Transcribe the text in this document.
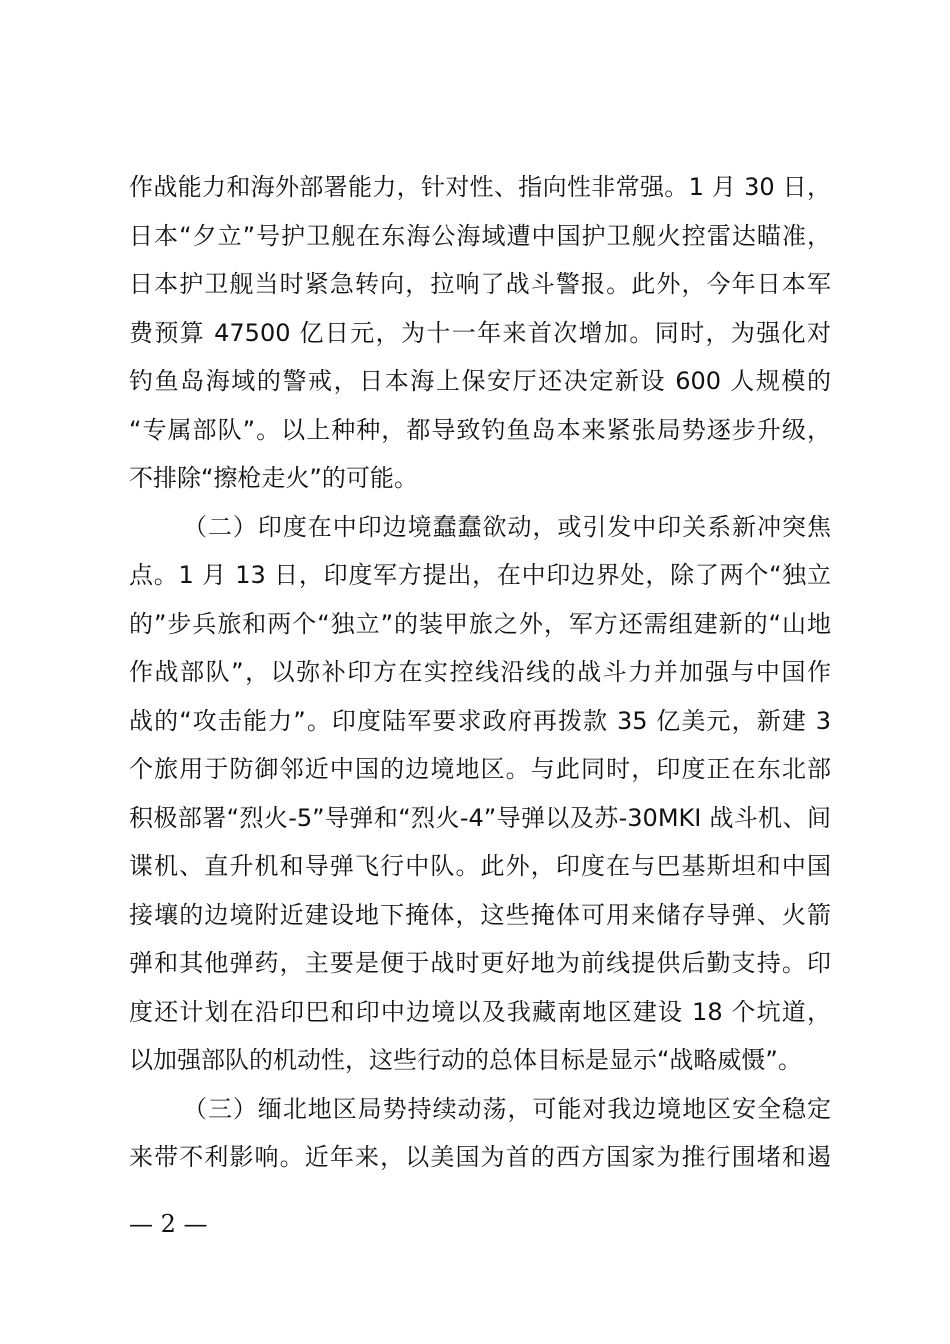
作战能力和海外部署能力，针对性、指向性非常强。1 月 30 日，
日本“夕立”号护卫舰在东海公海域遭中国护卫舰火控雷达瞄准，
日本护卫舰当时紧急转向，拉响了战斗警报。此外，今年日本军
费预算 47500 亿日元，为十一年来首次增加。同时，为强化对
钓鱼岛海域的警戒，日本海上保安厅还决定新设 600 人规模的
“专属部队”。以上种种，都导致钓鱼岛本来紧张局势逐步升级，
不排除“擦枪走火”的可能。
（二）印度在中印边境蠢蠢欲动，或引发中印关系新冲突焦
点。1 月 13 日，印度军方提出，在中印边界处，除了两个“独立
的”步兵旅和两个“独立”的装甲旅之外，军方还需组建新的“山地
作战部队”，以弥补印方在实控线沿线的战斗力并加强与中国作
战的“攻击能力”。印度陆军要求政府再拨款 35 亿美元，新建 3
个旅用于防御邻近中国的边境地区。与此同时，印度正在东北部
积极部署“烈火-5”导弹和“烈火-4”导弹以及苏-30MKI 战斗机、间
谍机、直升机和导弹飞行中队。此外，印度在与巴基斯坦和中国
接壤的边境附近建设地下掩体，这些掩体可用来储存导弹、火箭
弹和其他弹药，主要是便于战时更好地为前线提供后勤支持。印
度还计划在沿印巴和印中边境以及我藏南地区建设 18 个坑道，
以加强部队的机动性，这些行动的总体目标是显示“战略威慑”。
（三）缅北地区局势持续动荡，可能对我边境地区安全稳定
来带不利影响。近年来，以美国为首的西方国家为推行围堵和遏
— 2 —
